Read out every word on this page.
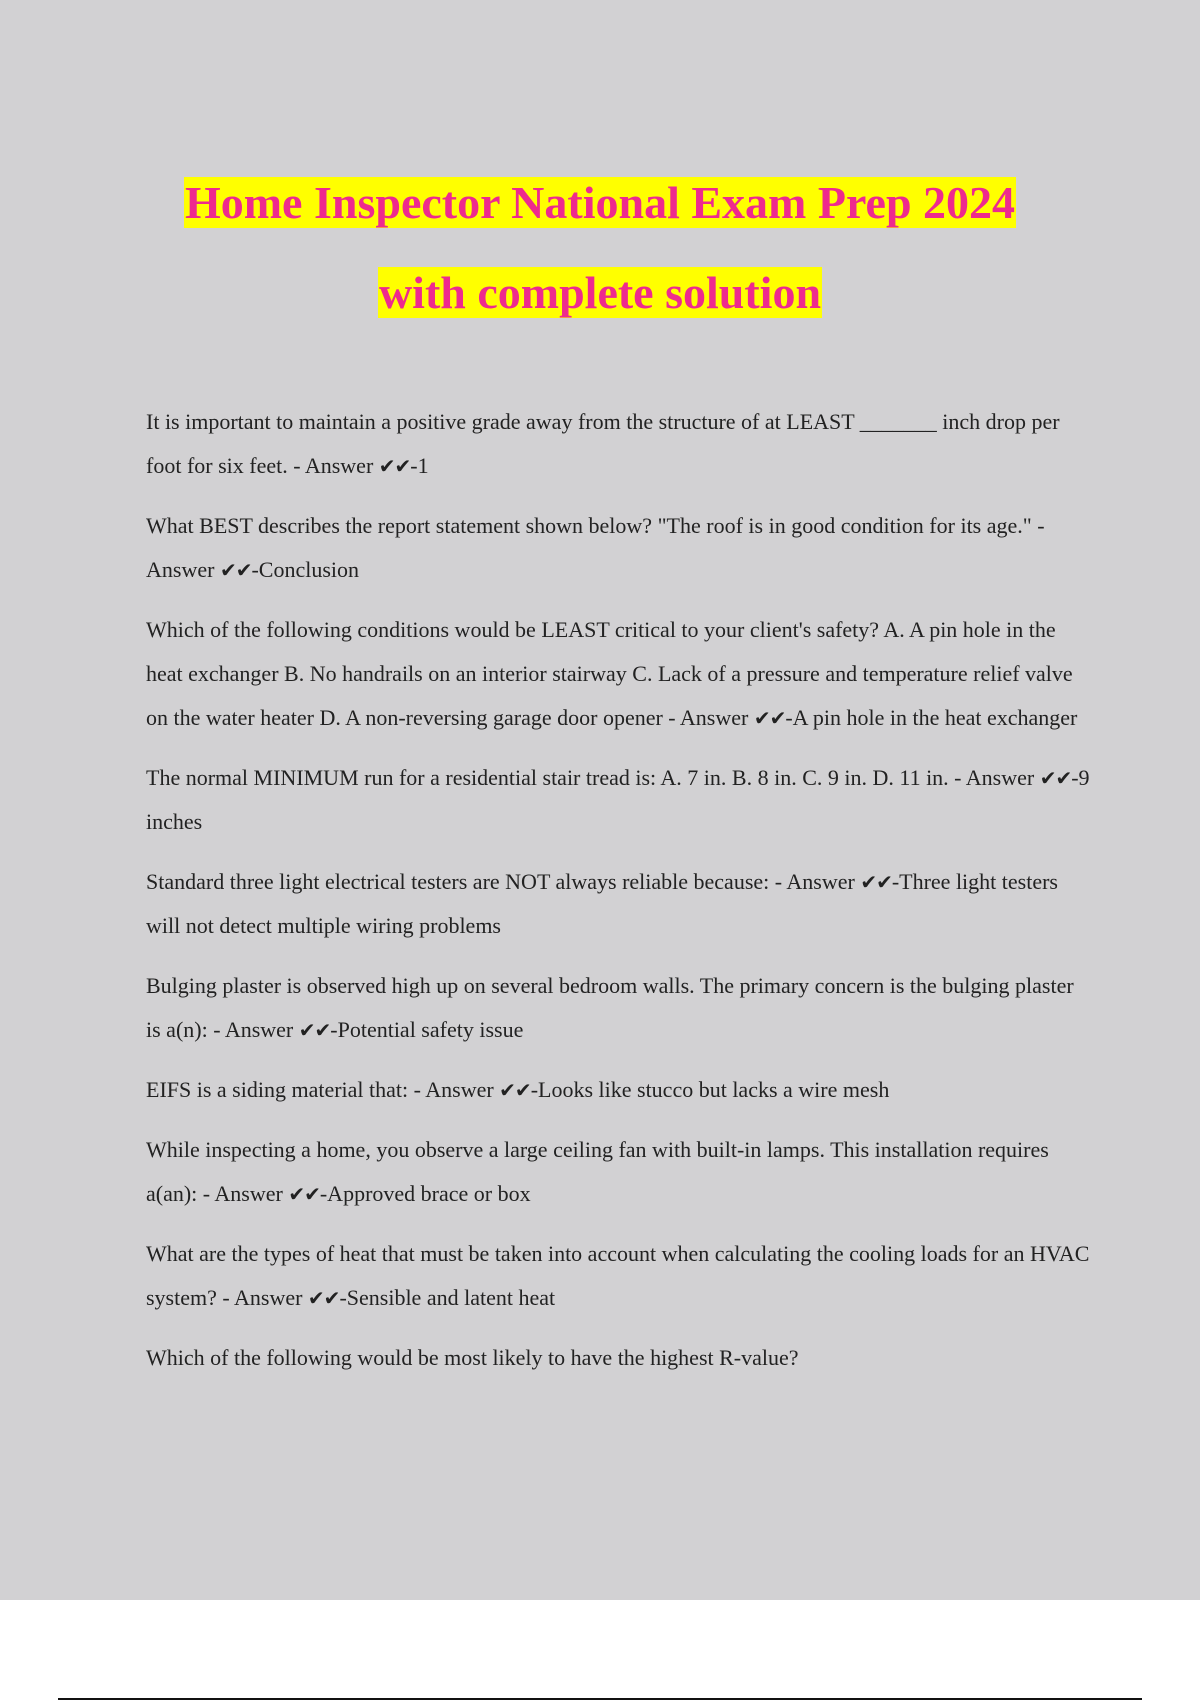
Home Inspector National Exam Prep 2024
with complete solution

It is important to maintain a positive grade away from the structure of at LEAST _______ inch drop per foot for six feet. - Answer ✔✔-1

What BEST describes the report statement shown below? "The roof is in good condition for its age." - Answer ✔✔-Conclusion

Which of the following conditions would be LEAST critical to your client's safety? A. A pin hole in the heat exchanger B. No handrails on an interior stairway C. Lack of a pressure and temperature relief valve on the water heater D. A non-reversing garage door opener - Answer ✔✔-A pin hole in the heat exchanger

The normal MINIMUM run for a residential stair tread is: A. 7 in. B. 8 in. C. 9 in. D. 11 in. - Answer ✔✔-9 inches

Standard three light electrical testers are NOT always reliable because: - Answer ✔✔-Three light testers will not detect multiple wiring problems

Bulging plaster is observed high up on several bedroom walls. The primary concern is the bulging plaster is a(n): - Answer ✔✔-Potential safety issue

EIFS is a siding material that: - Answer ✔✔-Looks like stucco but lacks a wire mesh

While inspecting a home, you observe a large ceiling fan with built-in lamps. This installation requires a(an): - Answer ✔✔-Approved brace or box

What are the types of heat that must be taken into account when calculating the cooling loads for an HVAC system? - Answer ✔✔-Sensible and latent heat

Which of the following would be most likely to have the highest R-value?
